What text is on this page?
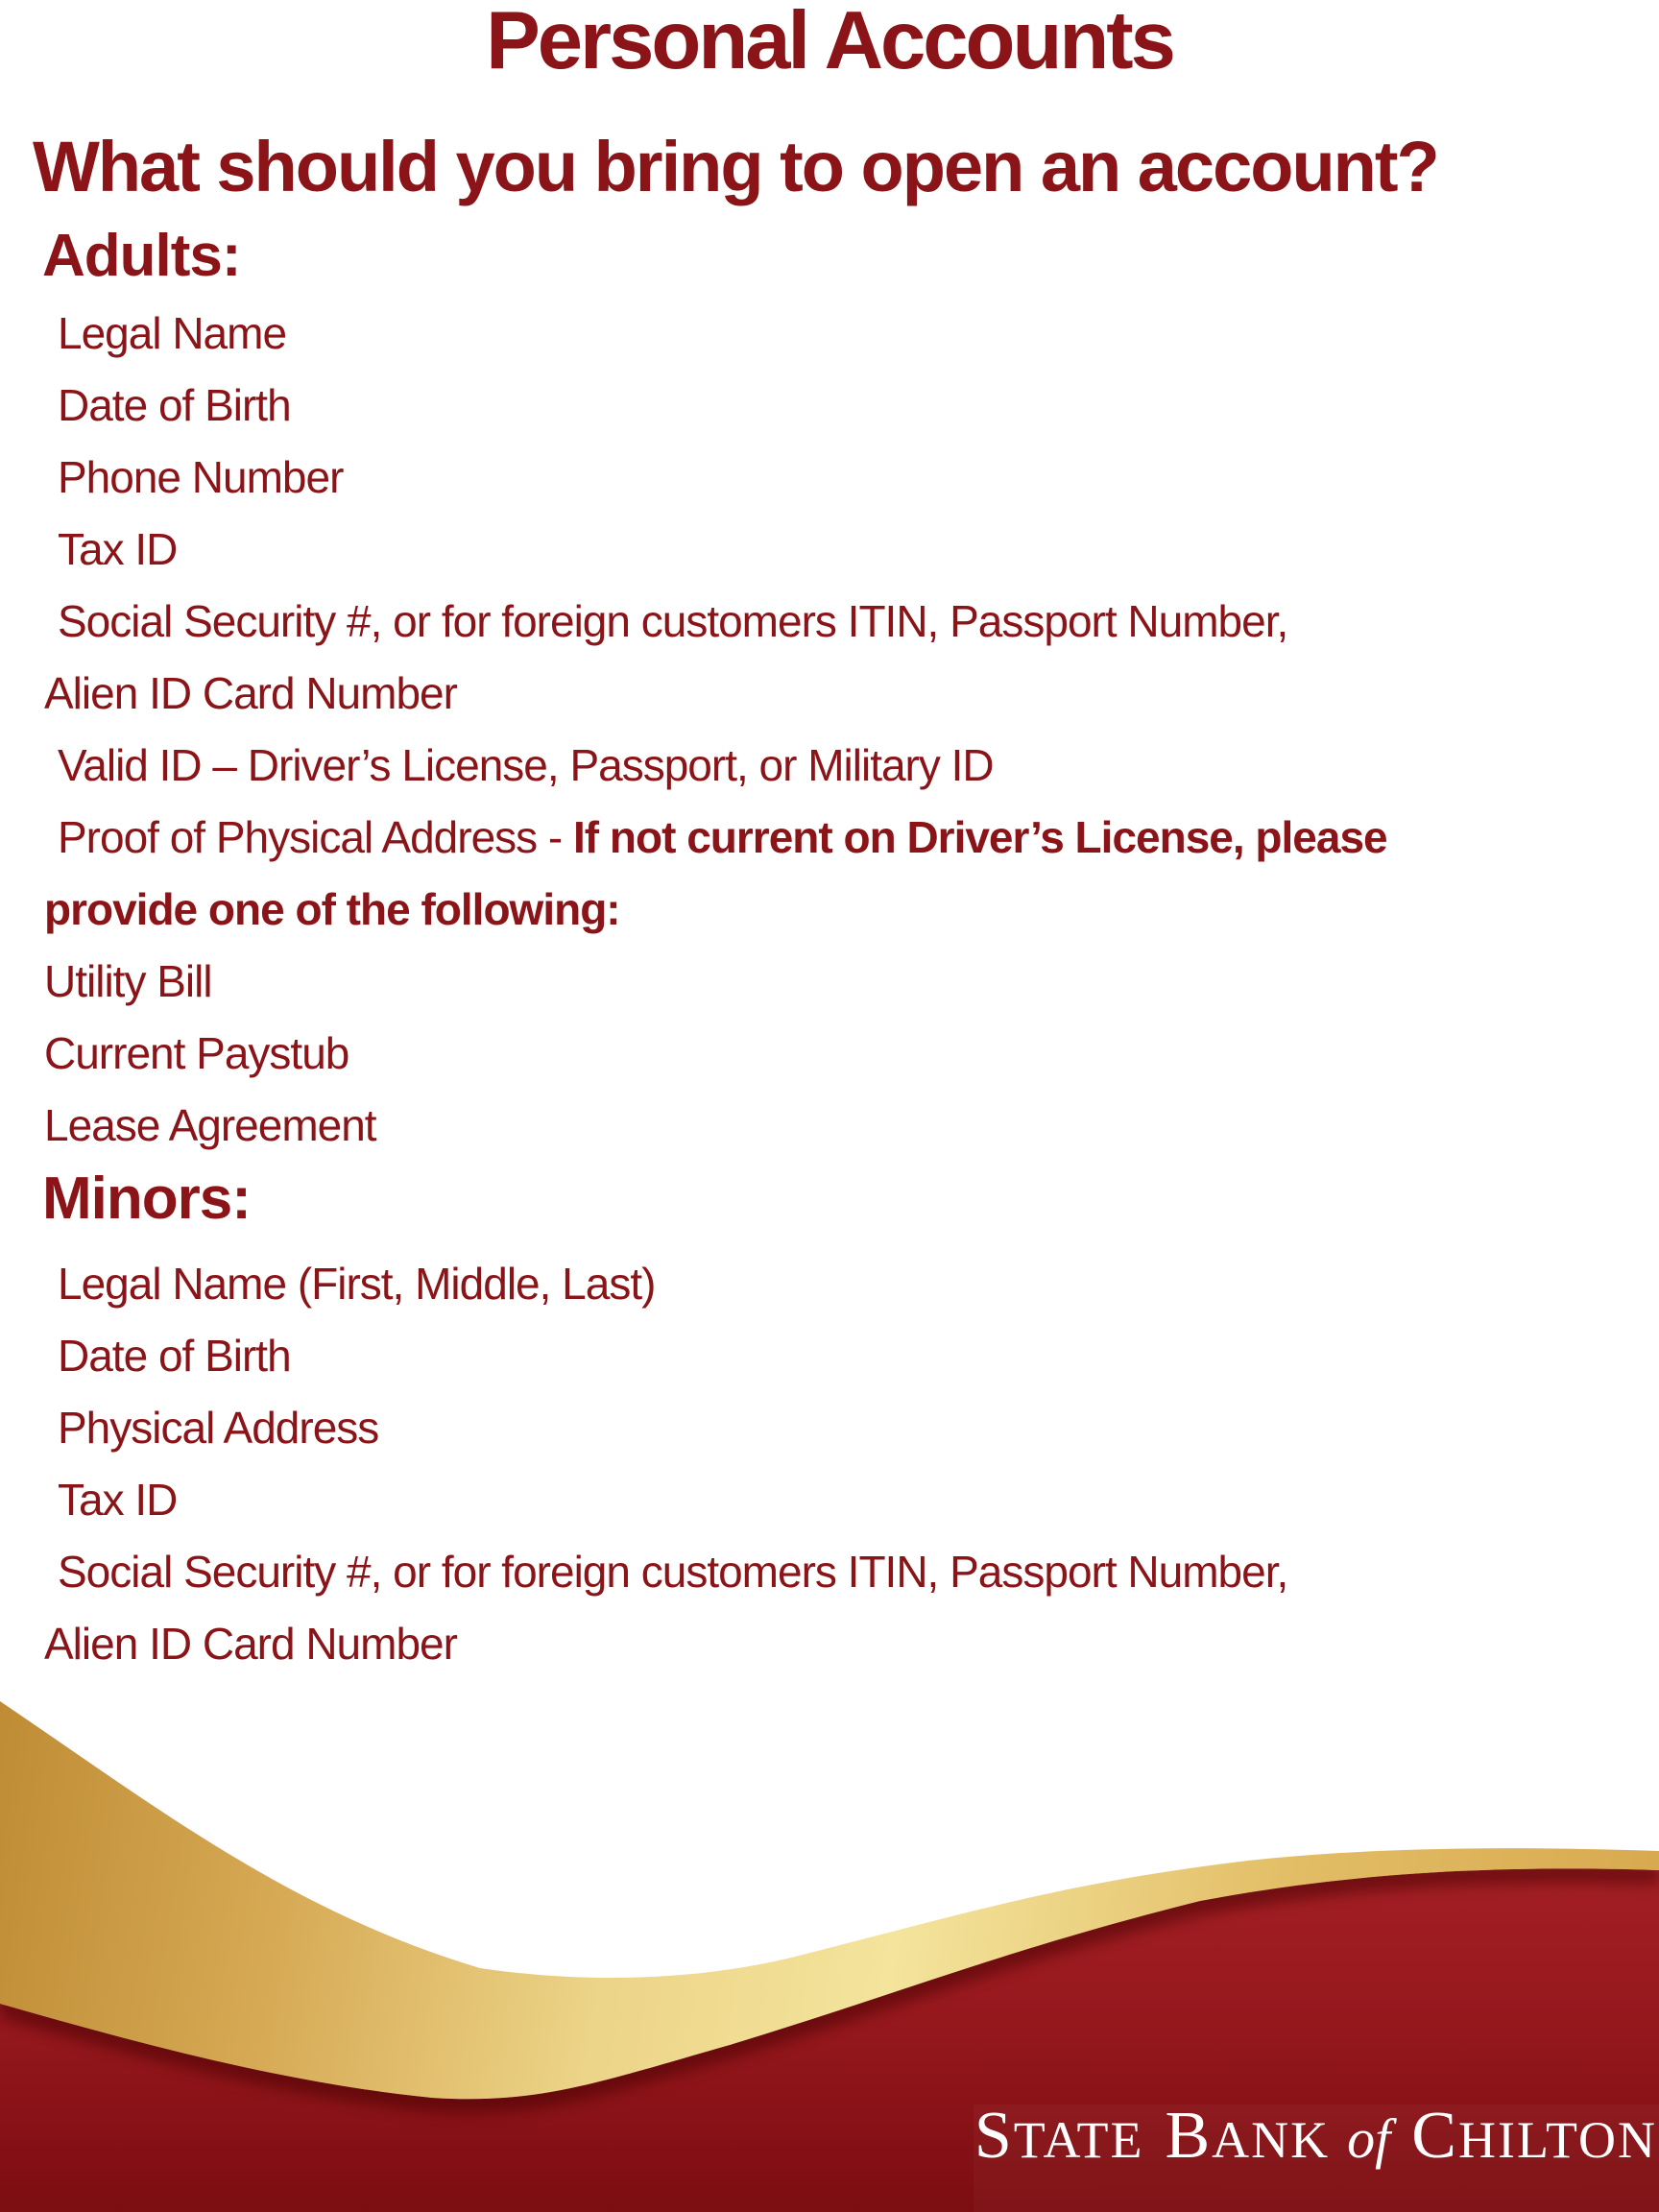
Personal Accounts
What should you bring to open an account?
Adults:
Legal Name
Date of Birth
Phone Number
Tax ID
Social Security #, or for foreign customers ITIN, Passport Number,
Alien ID Card Number
Valid ID – Driver’s License, Passport, or Military ID
Proof of Physical Address - If not current on Driver’s License, please
provide one of the following:
Utility Bill
Current Paystub
Lease Agreement
Minors:
Legal Name (First, Middle, Last)
Date of Birth
Physical Address
Tax ID
Social Security #, or for foreign customers ITIN, Passport Number,
Alien ID Card Number
STATE BANK of CHILTON
